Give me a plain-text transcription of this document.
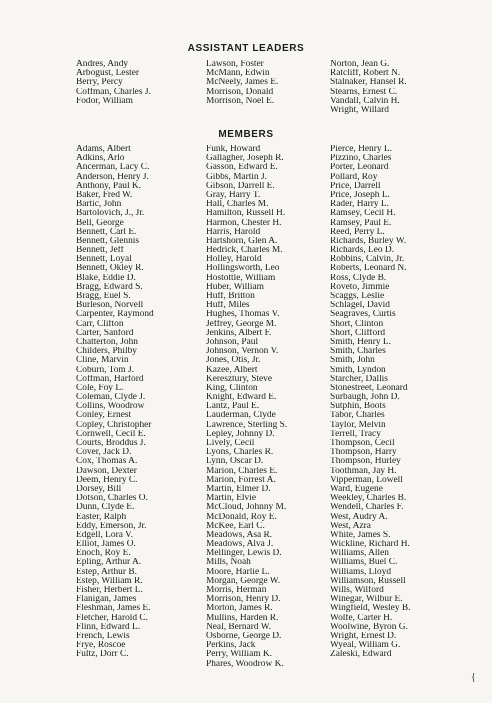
ASSISTANT LEADERS
Andres, Andy
Arbogust, Lester
Berry, Percy
Coffman, Charles J.
Fodor, William
Lawson, Foster
McMann, Edwin
McNeely, James E.
Morrison, Donald
Morrison, Noel E.
Norton, Jean G.
Ratcliff, Robert N.
Stalnaker, Hansel R.
Stearns, Ernest C.
Vandall, Calvin H.
Wright, Willard
MEMBERS
Adams, Albert
Adkins, Arlo
Ancerman, Lacy C.
Anderson, Henry J.
Anthony, Paul K.
Baker, Fred W.
Bartic, John
Bartolovich, J., Jr.
Bell, George
Bennett, Carl E.
Bennett, Glennis
Bennett, Jeff
Bennett, Loyal
Bennett, Okley R.
Blake, Eddie D.
Bragg, Edward S.
Bragg, Euel S.
Burleson, Norvell
Carpenter, Raymond
Carr, Clifton
Carter, Sanford
Chatterton, John
Childers, Philby
Cline, Marvin
Coburn, Tom J.
Coffman, Harford
Cole, Foy L.
Coleman, Clyde J.
Collins, Woodrow
Conley, Ernest
Copley, Christopher
Cornwell, Cecil E.
Courts, Broddus J.
Cover, Jack D.
Cox, Thomas A.
Dawson, Dexter
Deem, Henry C.
Dorsey, Bill
Dotson, Charles O.
Dunn, Clyde E.
Easter, Ralph
Eddy, Emerson, Jr.
Edgell, Lora V.
Elliot, James O.
Enoch, Roy E.
Epling, Arthur A.
Estep, Arthur B.
Estep, William R.
Fisher, Herbert L.
Flanigan, James
Fleshman, James E.
Fletcher, Harold C.
Flinn, Edward L.
French, Lewis
Frye, Roscoe
Fultz, Dorr C.
Funk, Howard
Gallagher, Joseph R.
Gasson, Edward E.
Gibbs, Martin J.
Gibson, Darrell E.
Gray, Harry T.
Hall, Charles M.
Hamilton, Russell H.
Harmon, Chester H.
Harris, Harold
Hartshorn, Glen A.
Hedrick, Charles M.
Holley, Harold
Hollingsworth, Leo
Hostottle, William
Huber, William
Huff, Britton
Huff, Miles
Hughes, Thomas V.
Jeffrey, George M.
Jenkins, Albert F.
Johnson, Paul
Johnson, Vernon V.
Jones, Otis, Jr.
Kazee, Albert
Keresztury, Steve
King, Clinton
Knight, Edward E.
Lantz, Paul E.
Lauderman, Clyde
Lawrence, Sterling S.
Lepley, Johnny D.
Lively, Cecil
Lyons, Charles R.
Lynn, Oscar D.
Marion, Charles E.
Marion, Forrest A.
Martin, Elmer D.
Martin, Elvie
McCloud, Johnny M.
McDonald, Roy E.
McKee, Earl C.
Meadows, Asa R.
Meadows, Alva J.
Mellinger, Lewis D.
Mills, Noah
Moore, Harlie L.
Morgan, George W.
Morris, Herman
Morrison, Henry D.
Morton, James R.
Mullins, Harden R.
Neal, Bernard W.
Osborne, George D.
Perkins, Jack
Perry, William K.
Phares, Woodrow K.
Pierce, Henry L.
Pizzino, Charles
Porter, Leonard
Pollard, Roy
Price, Darrell
Price, Joseph L.
Rader, Harry L.
Ramsey, Cecil H.
Ramsey, Paul E.
Reed, Perry L.
Richards, Burley W.
Richards, Leo D.
Robbins, Calvin, Jr.
Roberts, Leonard N.
Ross, Clyde B.
Roveto, Jimmie
Scaggs, Leslie
Schlagel, David
Seagraves, Curtis
Short, Clinton
Short, Clifford
Smith, Henry L.
Smith, Charles
Smith, John
Smith, Lyndon
Starcher, Dallis
Stonestreet, Leonard
Surbaugh, John D.
Sutphin, Boots
Tabor, Charles
Taylor, Melvin
Terrell, Tracy
Thompson, Cecil
Thompson, Harry
Thompson, Hurley
Toothman, Jay H.
Vipperman, Lowell
Ward, Eugene
Weekley, Charles B.
Wendell, Charles F.
West, Audry A.
West, Azra
White, James S.
Wickline, Richard H.
Williams, Allen
Williams, Buel C.
Williams, Lloyd
Williamson, Russell
Wills, Wilford
Winegar, Wilbur E.
Wingfield, Wesley B.
Wolfe, Carter H.
Woolwine, Byron G.
Wright, Ernest D.
Wyeal, William G.
Zaleski, Edward
{
